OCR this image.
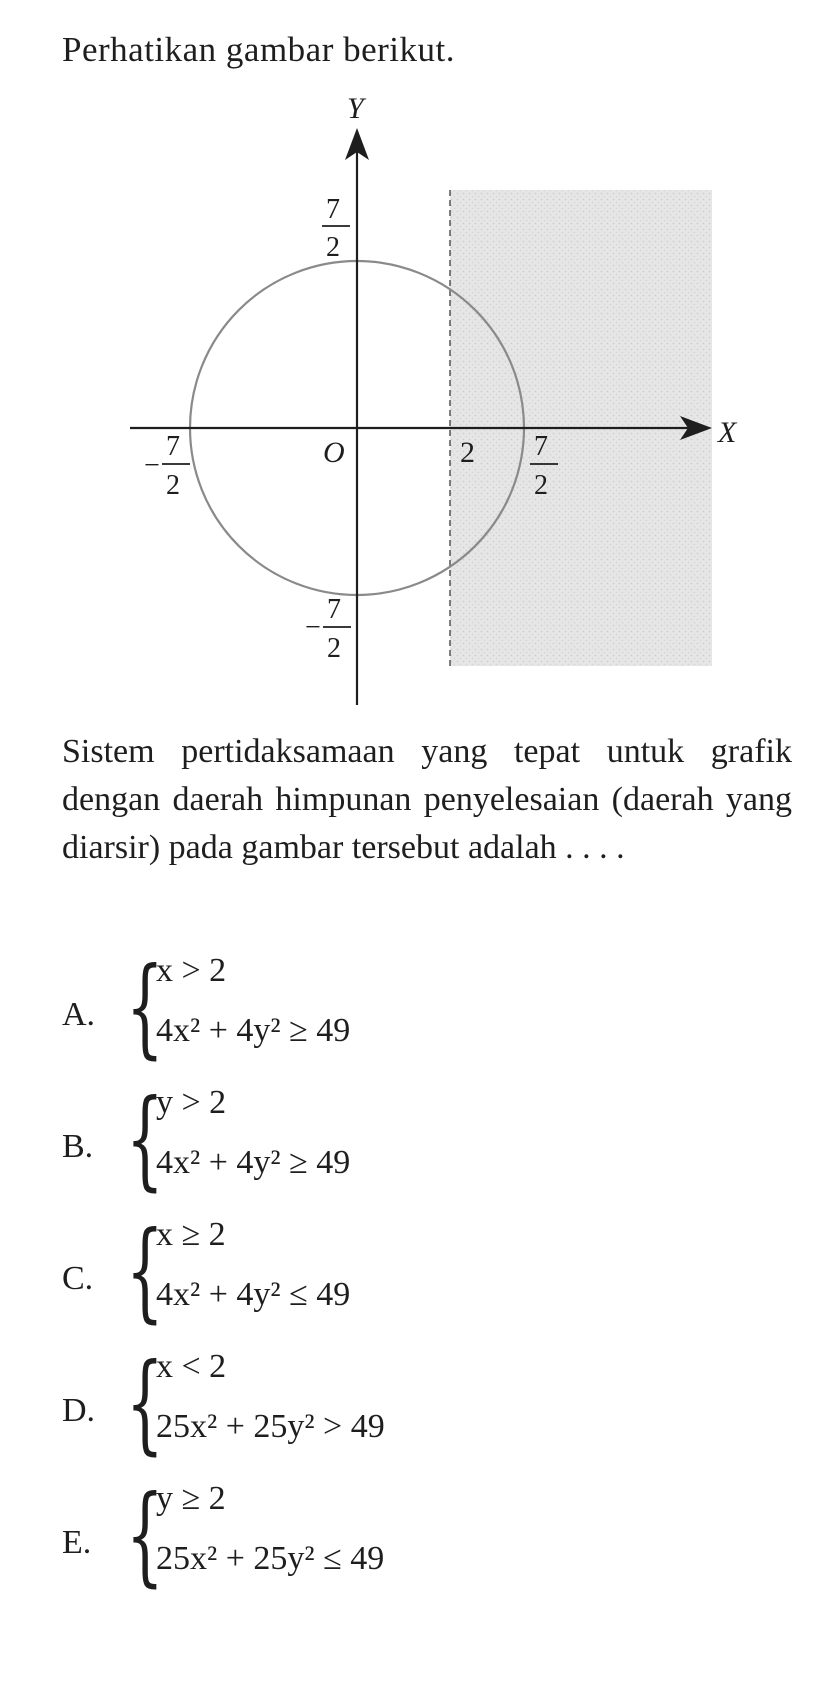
Perhatikan gambar berikut.

Y
X
O	2
7
2
−
7
2
7
2
−
7
2

Sistem pertidaksamaan yang tepat untuk grafik dengan daerah himpunan penyelesaian (daerah yang diarsir) pada gambar tersebut adalah . . . .

A. {
x > 2
4x² + 4y² ≥ 49
B. {
y > 2
4x² + 4y² ≥ 49
C. {
x ≥ 2
4x² + 4y² ≤ 49
D. {
x < 2
25x² + 25y² > 49
E. {
y ≥ 2
25x² + 25y² ≤ 49
